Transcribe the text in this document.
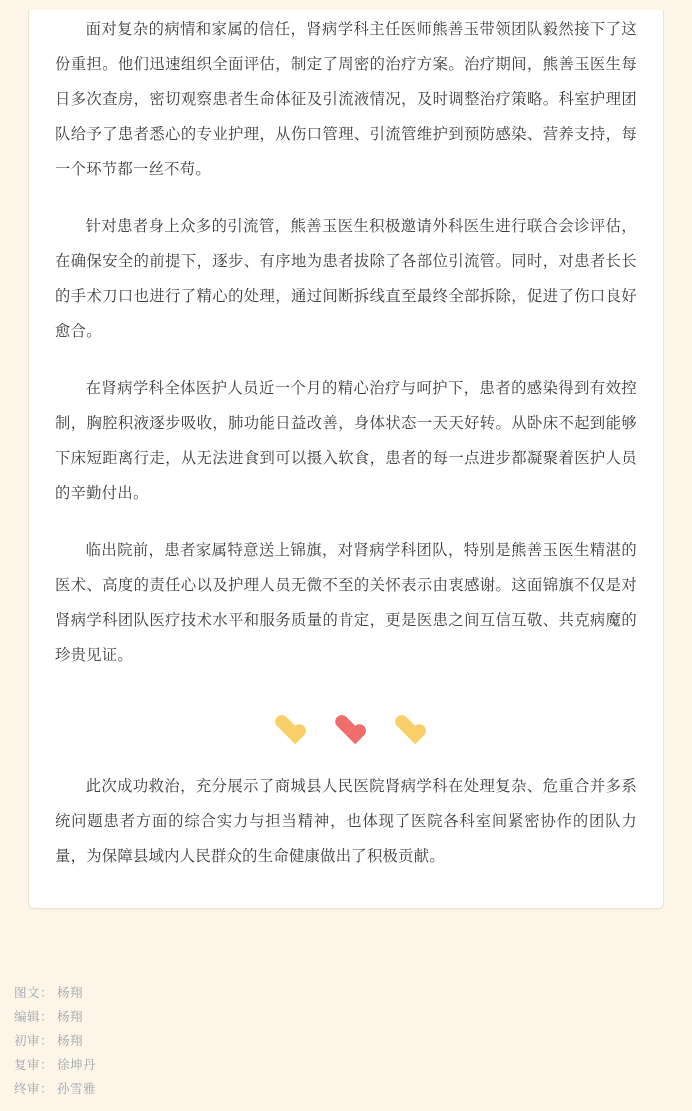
面对复杂的病情和家属的信任，肾病学科主任医师熊善玉带领团队毅然接下了这份重担。他们迅速组织全面评估，制定了周密的治疗方案。治疗期间，熊善玉医生每日多次查房，密切观察患者生命体征及引流液情况，及时调整治疗策略。科室护理团队给予了患者悉心的专业护理，从伤口管理、引流管维护到预防感染、营养支持，每一个环节都一丝不苟。

针对患者身上众多的引流管，熊善玉医生积极邀请外科医生进行联合会诊评估，在确保安全的前提下，逐步、有序地为患者拔除了各部位引流管。同时，对患者长长的手术刀口也进行了精心的处理，通过间断拆线直至最终全部拆除，促进了伤口良好愈合。

在肾病学科全体医护人员近一个月的精心治疗与呵护下，患者的感染得到有效控制，胸腔积液逐步吸收，肺功能日益改善，身体状态一天天好转。从卧床不起到能够下床短距离行走，从无法进食到可以摄入软食，患者的每一点进步都凝聚着医护人员的辛勤付出。

临出院前，患者家属特意送上锦旗，对肾病学科团队，特别是熊善玉医生精湛的医术、高度的责任心以及护理人员无微不至的关怀表示由衷感谢。这面锦旗不仅是对肾病学科团队医疗技术水平和服务质量的肯定，更是医患之间互信互敬、共克病魔的珍贵见证。

此次成功救治，充分展示了商城县人民医院肾病学科在处理复杂、危重合并多系统问题患者方面的综合实力与担当精神，也体现了医院各科室间紧密协作的团队力量，为保障县域内人民群众的生命健康做出了积极贡献。

图文： 杨翔
编辑： 杨翔
初审： 杨翔
复审： 徐坤丹
终审： 孙雪雅
